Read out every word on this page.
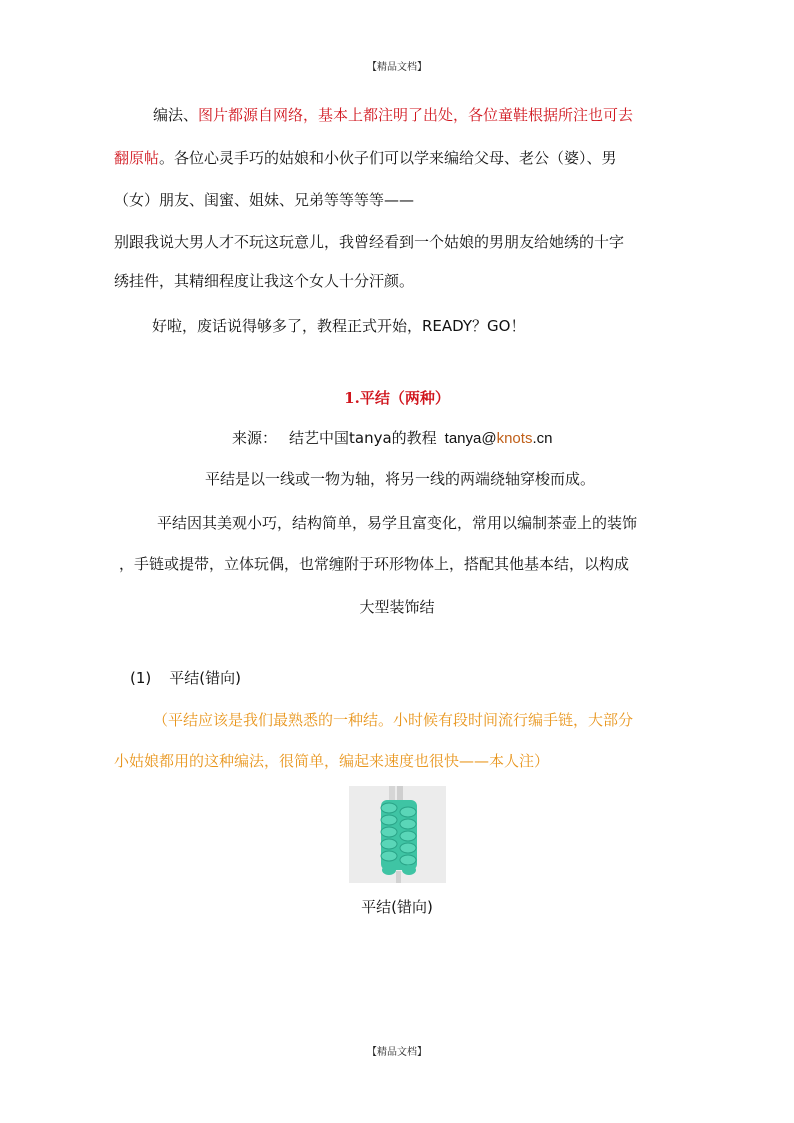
【精品文档】
编法、图片都源自网络，基本上都注明了出处，各位童鞋根据所注也可去
翻原帖。各位心灵手巧的姑娘和小伙子们可以学来编给父母、老公（婆）、男
（女）朋友、闺蜜、姐妹、兄弟等等等等——
别跟我说大男人才不玩这玩意儿，我曾经看到一个姑娘的男朋友给她绣的十字
绣挂件，其精细程度让我这个女人十分汗颜。
好啦，废话说得够多了，教程正式开始，READY？GO！
1.平结（两种）
来源： 结艺中国tanya的教程 tanya@knots.cn
平结是以一线或一物为轴，将另一线的两端绕轴穿梭而成。
平结因其美观小巧，结构简单，易学且富变化，常用以编制茶壶上的装饰
，手链或提带，立体玩偶，也常缠附于环形物体上，搭配其他基本结，以构成
大型装饰结
(1) 平结(错向)
（平结应该是我们最熟悉的一种结。小时候有段时间流行编手链，大部分
小姑娘都用的这种编法，很简单，编起来速度也很快——本人注）
平结(错向)
【精品文档】
